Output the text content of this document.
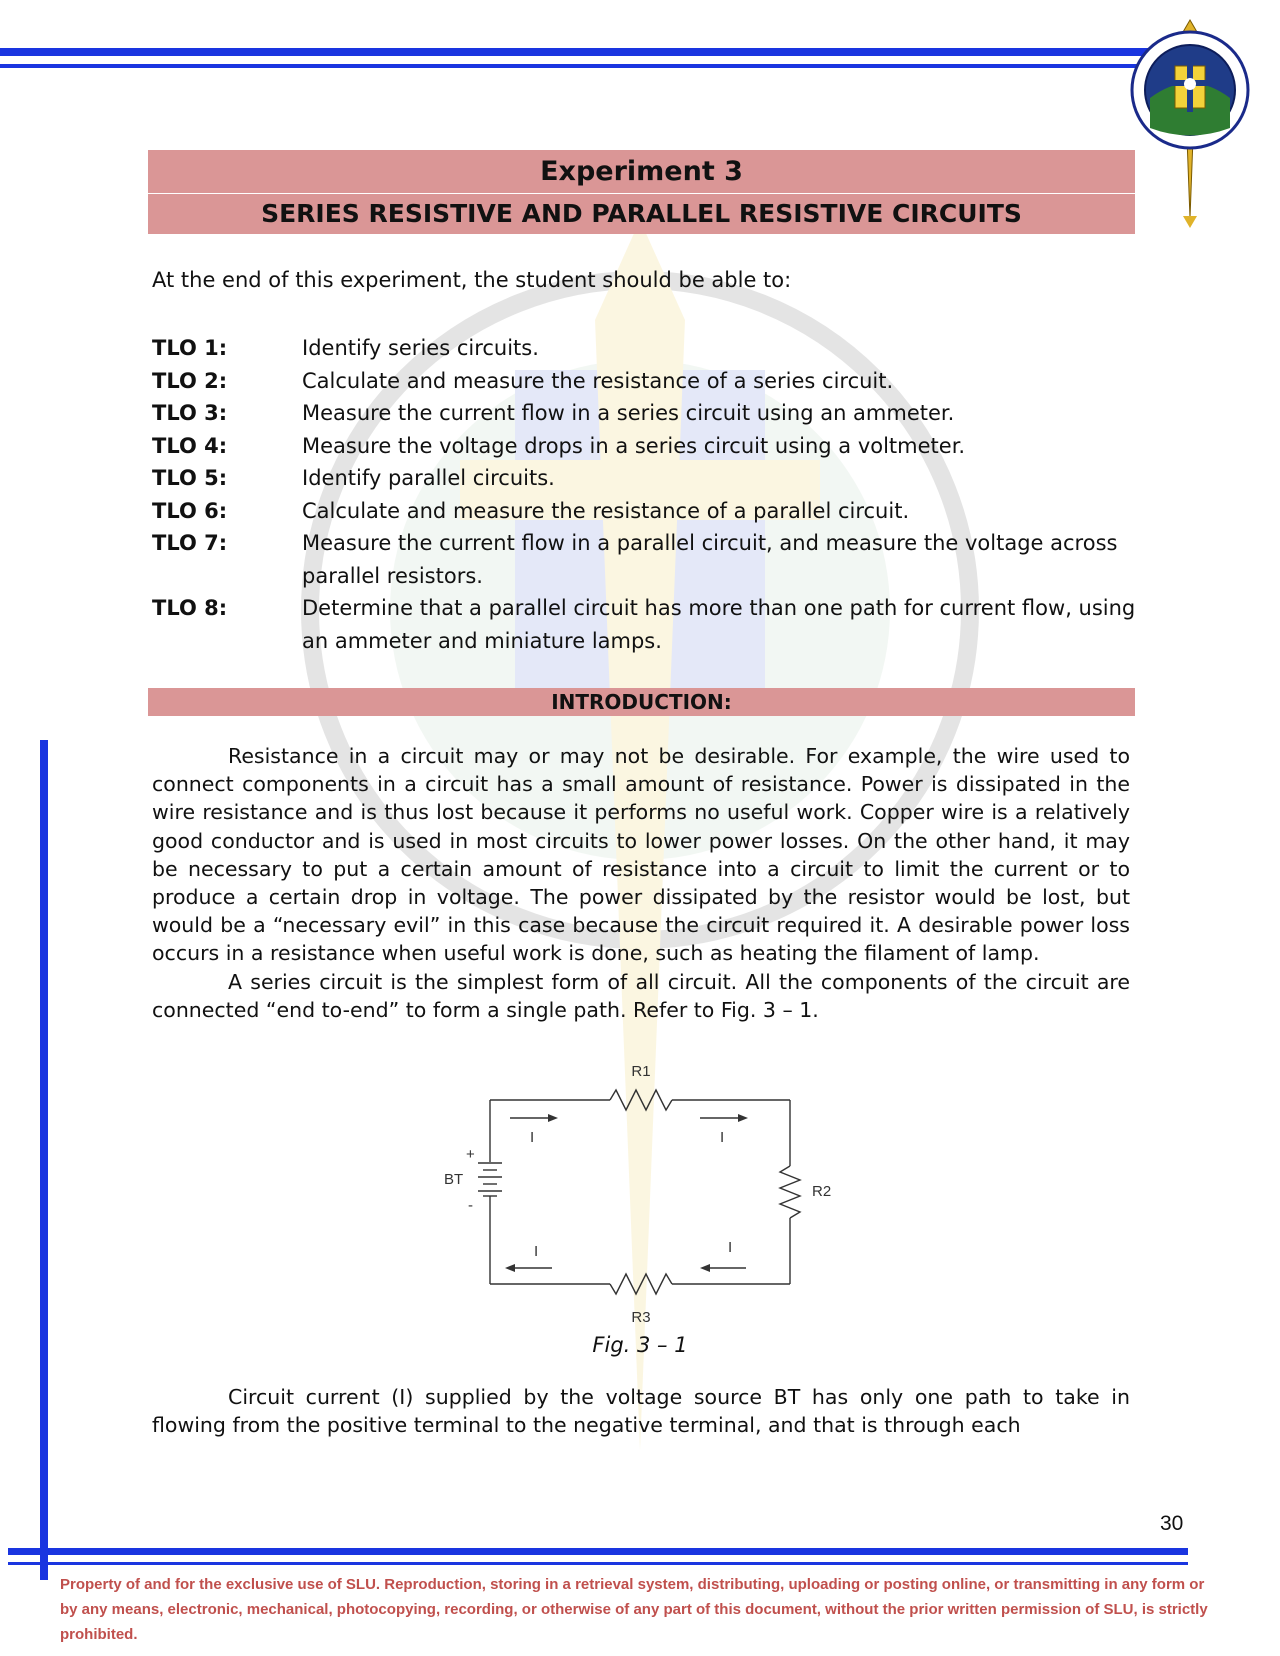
Experiment 3
SERIES RESISTIVE AND PARALLEL RESISTIVE CIRCUITS
At the end of this experiment, the student should be able to:
TLO 1:	Identify series circuits.
TLO 2:	Calculate and measure the resistance of a series circuit.
TLO 3:	Measure the current flow in a series circuit using an ammeter.
TLO 4:	Measure the voltage drops in a series circuit using a voltmeter.
TLO 5:	Identify parallel circuits.
TLO 6:	Calculate and measure the resistance of a parallel circuit.
TLO 7:	Measure the current flow in a parallel circuit, and measure the voltage across parallel resistors.
TLO 8:	Determine that a parallel circuit has more than one path for current flow, using an ammeter and miniature lamps.
INTRODUCTION:

Resistance in a circuit may or may not be desirable. For example, the wire used to connect components in a circuit has a small amount of resistance. Power is dissipated in the wire resistance and is thus lost because it performs no useful work. Copper wire is a relatively good conductor and is used in most circuits to lower power losses. On the other hand, it may be necessary to put a certain amount of resistance into a circuit to limit the current or to produce a certain drop in voltage. The power dissipated by the resistor would be lost, but would be a “necessary evil” in this case because the circuit required it. A desirable power loss occurs in a resistance when useful work is done, such as heating the filament of lamp.

A series circuit is the simplest form of all circuit. All the components of the circuit are connected “end to-end” to form a single path. Refer to Fig. 3 – 1.

R1
R2
R3
BT
+
-
I	I
I	I
Fig. 3 – 1

Circuit current (I) supplied by the voltage source BT has only one path to take in flowing from the positive terminal to the negative terminal, and that is through each

30
Property of and for the exclusive use of SLU. Reproduction, storing in a retrieval system, distributing, uploading or posting online, or transmitting in any form or by any means, electronic, mechanical, photocopying, recording, or otherwise of any part of this document, without the prior written permission of SLU, is strictly prohibited.
